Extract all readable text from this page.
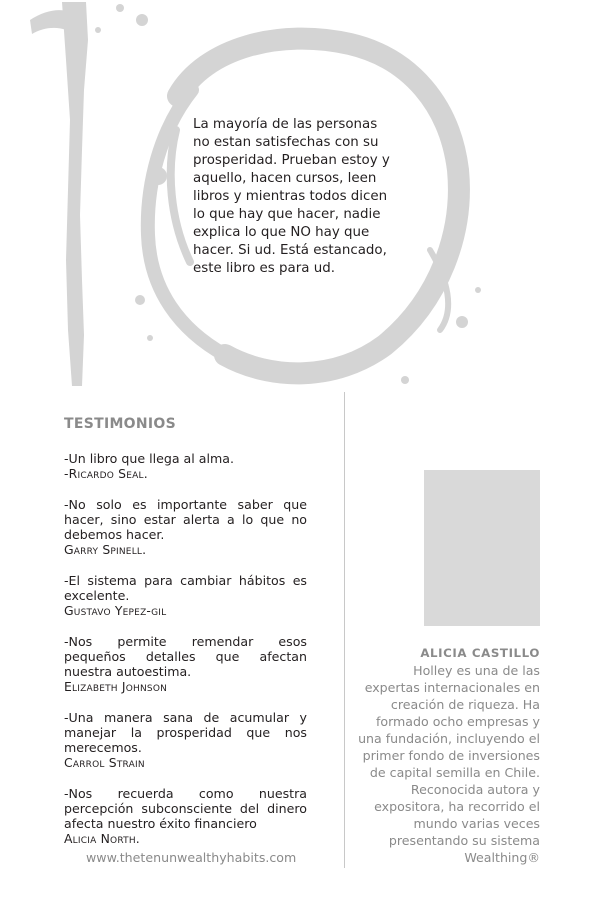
La mayoría de las personas no estan satisfechas con su prosperidad. Prueban estoy y aquello, hacen cursos, leen libros y mientras todos dicen lo que hay que hacer, nadie explica lo que NO hay que hacer. Si ud. Está estancado, este libro es para ud.

TESTIMONIOS

-Un libro que llega al alma.

-Ricardo Seal.

-No solo es importante saber que hacer, sino estar alerta a lo que no debemos hacer.

Garry Spinell.

-El sistema para cambiar hábitos es excelente.

Gustavo Yepez-gil

-Nos permite remendar esos pequeños detalles que afectan nuestra autoestima.

Elizabeth Johnson

-Una manera sana de acumular y manejar la prosperidad que nos merecemos.

Carrol Strain

-Nos recuerda como nuestra percepción subconsciente del dinero afecta nuestro éxito financiero

Alicia North.

www.thetenunwealthyhabits.com

ALICIA CASTILLO

Holley es una de las expertas internacionales en creación de riqueza. Ha formado ocho empresas y una fundación, incluyendo el primer fondo de inversiones de capital semilla en Chile. Reconocida autora y expositora, ha recorrido el mundo varias veces presentando su sistema Wealthing®
